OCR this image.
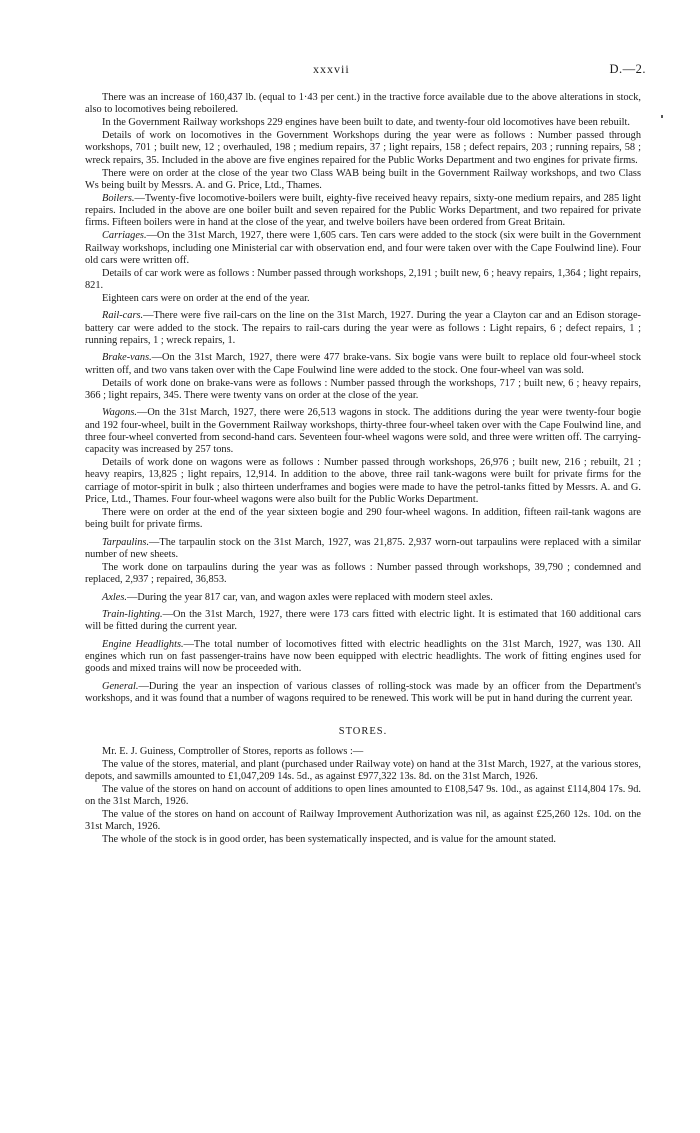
xxxvii	D.—2.

There was an increase of 160,437 lb. (equal to 1·43 per cent.) in the tractive force available due to the above alterations in stock, also to locomotives being reboilered.

In the Government Railway workshops 229 engines have been built to date, and twenty-four old locomotives have been rebuilt.

Details of work on locomotives in the Government Workshops during the year were as follows : Number passed through workshops, 701 ; built new, 12 ; overhauled, 198 ; medium repairs, 37 ; light repairs, 158 ; defect repairs, 203 ; running repairs, 58 ; wreck repairs, 35. Included in the above are five engines repaired for the Public Works Department and two engines for private firms.

There were on order at the close of the year two Class WAB being built in the Government Railway workshops, and two Class Ws being built by Messrs. A. and G. Price, Ltd., Thames.

Boilers.—Twenty-five locomotive-boilers were built, eighty-five received heavy repairs, sixty-one medium repairs, and 285 light repairs. Included in the above are one boiler built and seven repaired for the Public Works Department, and two repaired for private firms. Fifteen boilers were in hand at the close of the year, and twelve boilers have been ordered from Great Britain.

Carriages.—On the 31st March, 1927, there were 1,605 cars. Ten cars were added to the stock (six were built in the Government Railway workshops, including one Ministerial car with observation end, and four were taken over with the Cape Foulwind line). Four old cars were written off.

Details of car work were as follows : Number passed through workshops, 2,191 ; built new, 6 ; heavy repairs, 1,364 ; light repairs, 821.

Eighteen cars were on order at the end of the year.

Rail-cars.—There were five rail-cars on the line on the 31st March, 1927. During the year a Clayton car and an Edison storage-battery car were added to the stock. The repairs to rail-cars during the year were as follows : Light repairs, 6 ; defect repairs, 1 ; running repairs, 1 ; wreck repairs, 1.

Brake-vans.—On the 31st March, 1927, there were 477 brake-vans. Six bogie vans were built to replace old four-wheel stock written off, and two vans taken over with the Cape Foulwind line were added to the stock. One four-wheel van was sold.

Details of work done on brake-vans were as follows : Number passed through the workshops, 717 ; built new, 6 ; heavy repairs, 366 ; light repairs, 345. There were twenty vans on order at the close of the year.

Wagons.—On the 31st March, 1927, there were 26,513 wagons in stock. The additions during the year were twenty-four bogie and 192 four-wheel, built in the Government Railway workshops, thirty-three four-wheel taken over with the Cape Foulwind line, and three four-wheel converted from second-hand cars. Seventeen four-wheel wagons were sold, and three were written off. The carrying-capacity was increased by 257 tons.

Details of work done on wagons were as follows : Number passed through workshops, 26,976 ; built new, 216 ; rebuilt, 21 ; heavy reapirs, 13,825 ; light repairs, 12,914. In addition to the above, three rail tank-wagons were built for private firms for the carriage of motor-spirit in bulk ; also thirteen underframes and bogies were made to have the petrol-tanks fitted by Messrs. A. and G. Price, Ltd., Thames. Four four-wheel wagons were also built for the Public Works Department.

There were on order at the end of the year sixteen bogie and 290 four-wheel wagons. In addition, fifteen rail-tank wagons are being built for private firms.

Tarpaulins.—The tarpaulin stock on the 31st March, 1927, was 21,875. 2,937 worn-out tarpaulins were replaced with a similar number of new sheets.

The work done on tarpaulins during the year was as follows : Number passed through workshops, 39,790 ; condemned and replaced, 2,937 ; repaired, 36,853.

Axles.—During the year 817 car, van, and wagon axles were replaced with modern steel axles.

Train-lighting.—On the 31st March, 1927, there were 173 cars fitted with electric light. It is estimated that 160 additional cars will be fitted during the current year.

Engine Headlights.—The total number of locomotives fitted with electric headlights on the 31st March, 1927, was 130. All engines which run on fast passenger-trains have now been equipped with electric headlights. The work of fitting engines used for goods and mixed trains will now be proceeded with.

General.—During the year an inspection of various classes of rolling-stock was made by an officer from the Department's workshops, and it was found that a number of wagons required to be renewed. This work will be put in hand during the current year.

STORES.

Mr. E. J. Guiness, Comptroller of Stores, reports as follows :—

The value of the stores, material, and plant (purchased under Railway vote) on hand at the 31st March, 1927, at the various stores, depots, and sawmills amounted to £1,047,209 14s. 5d., as against £977,322 13s. 8d. on the 31st March, 1926.

The value of the stores on hand on account of additions to open lines amounted to £108,547 9s. 10d., as against £114,804 17s. 9d. on the 31st March, 1926.

The value of the stores on hand on account of Railway Improvement Authorization was nil, as against £25,260 12s. 10d. on the 31st March, 1926.

The whole of the stock is in good order, has been systematically inspected, and is value for the amount stated.
